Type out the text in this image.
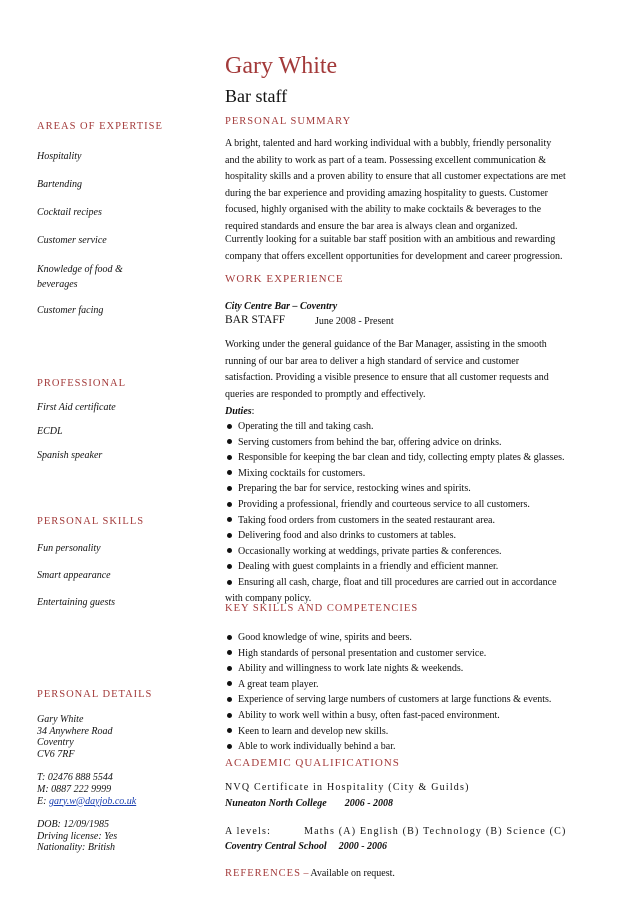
Gary White
Bar staff
AREAS OF EXPERTISE
Hospitality
Bartending
Cocktail recipes
Customer service
Knowledge of food & beverages
Customer facing
PROFESSIONAL
First Aid certificate
ECDL
Spanish speaker
PERSONAL SKILLS
Fun personality
Smart appearance
Entertaining guests
PERSONAL DETAILS
Gary White
34 Anywhere Road
Coventry
CV6 7RF
T: 02476 888 5544
M: 0887 222 9999
E: gary.w@dayjob.co.uk
DOB: 12/09/1985
Driving license: Yes
Nationality: British
PERSONAL SUMMARY
A bright, talented and hard working individual with a bubbly, friendly personality
and the ability to work as part of a team. Possessing excellent communication &
hospitality skills and a proven ability to ensure that all customer expectations are met
during the bar experience and providing amazing hospitality to guests. Customer
focused, highly organised with the ability to make cocktails & beverages to the
required standards and ensure the bar area is always clean and organized.
Currently looking for a suitable bar staff position with an ambitious and rewarding
company that offers excellent opportunities for development and career progression.
WORK EXPERIENCE
City Centre Bar – Coventry
BAR STAFF	June 2008 - Present
Working under the general guidance of the Bar Manager, assisting in the smooth
running of our bar area to deliver a high standard of service and customer
satisfaction. Providing a visible presence to ensure that all customer requests and
queries are responded to promptly and effectively.
Duties:
Operating the till and taking cash.
Serving customers from behind the bar, offering advice on drinks.
Responsible for keeping the bar clean and tidy, collecting empty plates & glasses.
Mixing cocktails for customers.
Preparing the bar for service, restocking wines and spirits.
Providing a professional, friendly and courteous service to all customers.
Taking food orders from customers in the seated restaurant area.
Delivering food and also drinks to customers at tables.
Occasionally working at weddings, private parties & conferences.
Dealing with guest complaints in a friendly and efficient manner.
Ensuring all cash, charge, float and till procedures are carried out in accordance
with company policy.
KEY SKILLS AND COMPETENCIES
Good knowledge of wine, spirits and beers.
High standards of personal presentation and customer service.
Ability and willingness to work late nights & weekends.
A great team player.
Experience of serving large numbers of customers at large functions & events.
Ability to work well within a busy, often fast-paced environment.
Keen to learn and develop new skills.
Able to work individually behind a bar.
ACADEMIC QUALIFICATIONS
NVQ Certificate in Hospitality (City & Guilds)
Nuneaton North College 2006 - 2008
A levels:	Maths (A) English (B) Technology (B) Science (C)
Coventry Central School 2000 - 2006
REFERENCES – Available on request.
